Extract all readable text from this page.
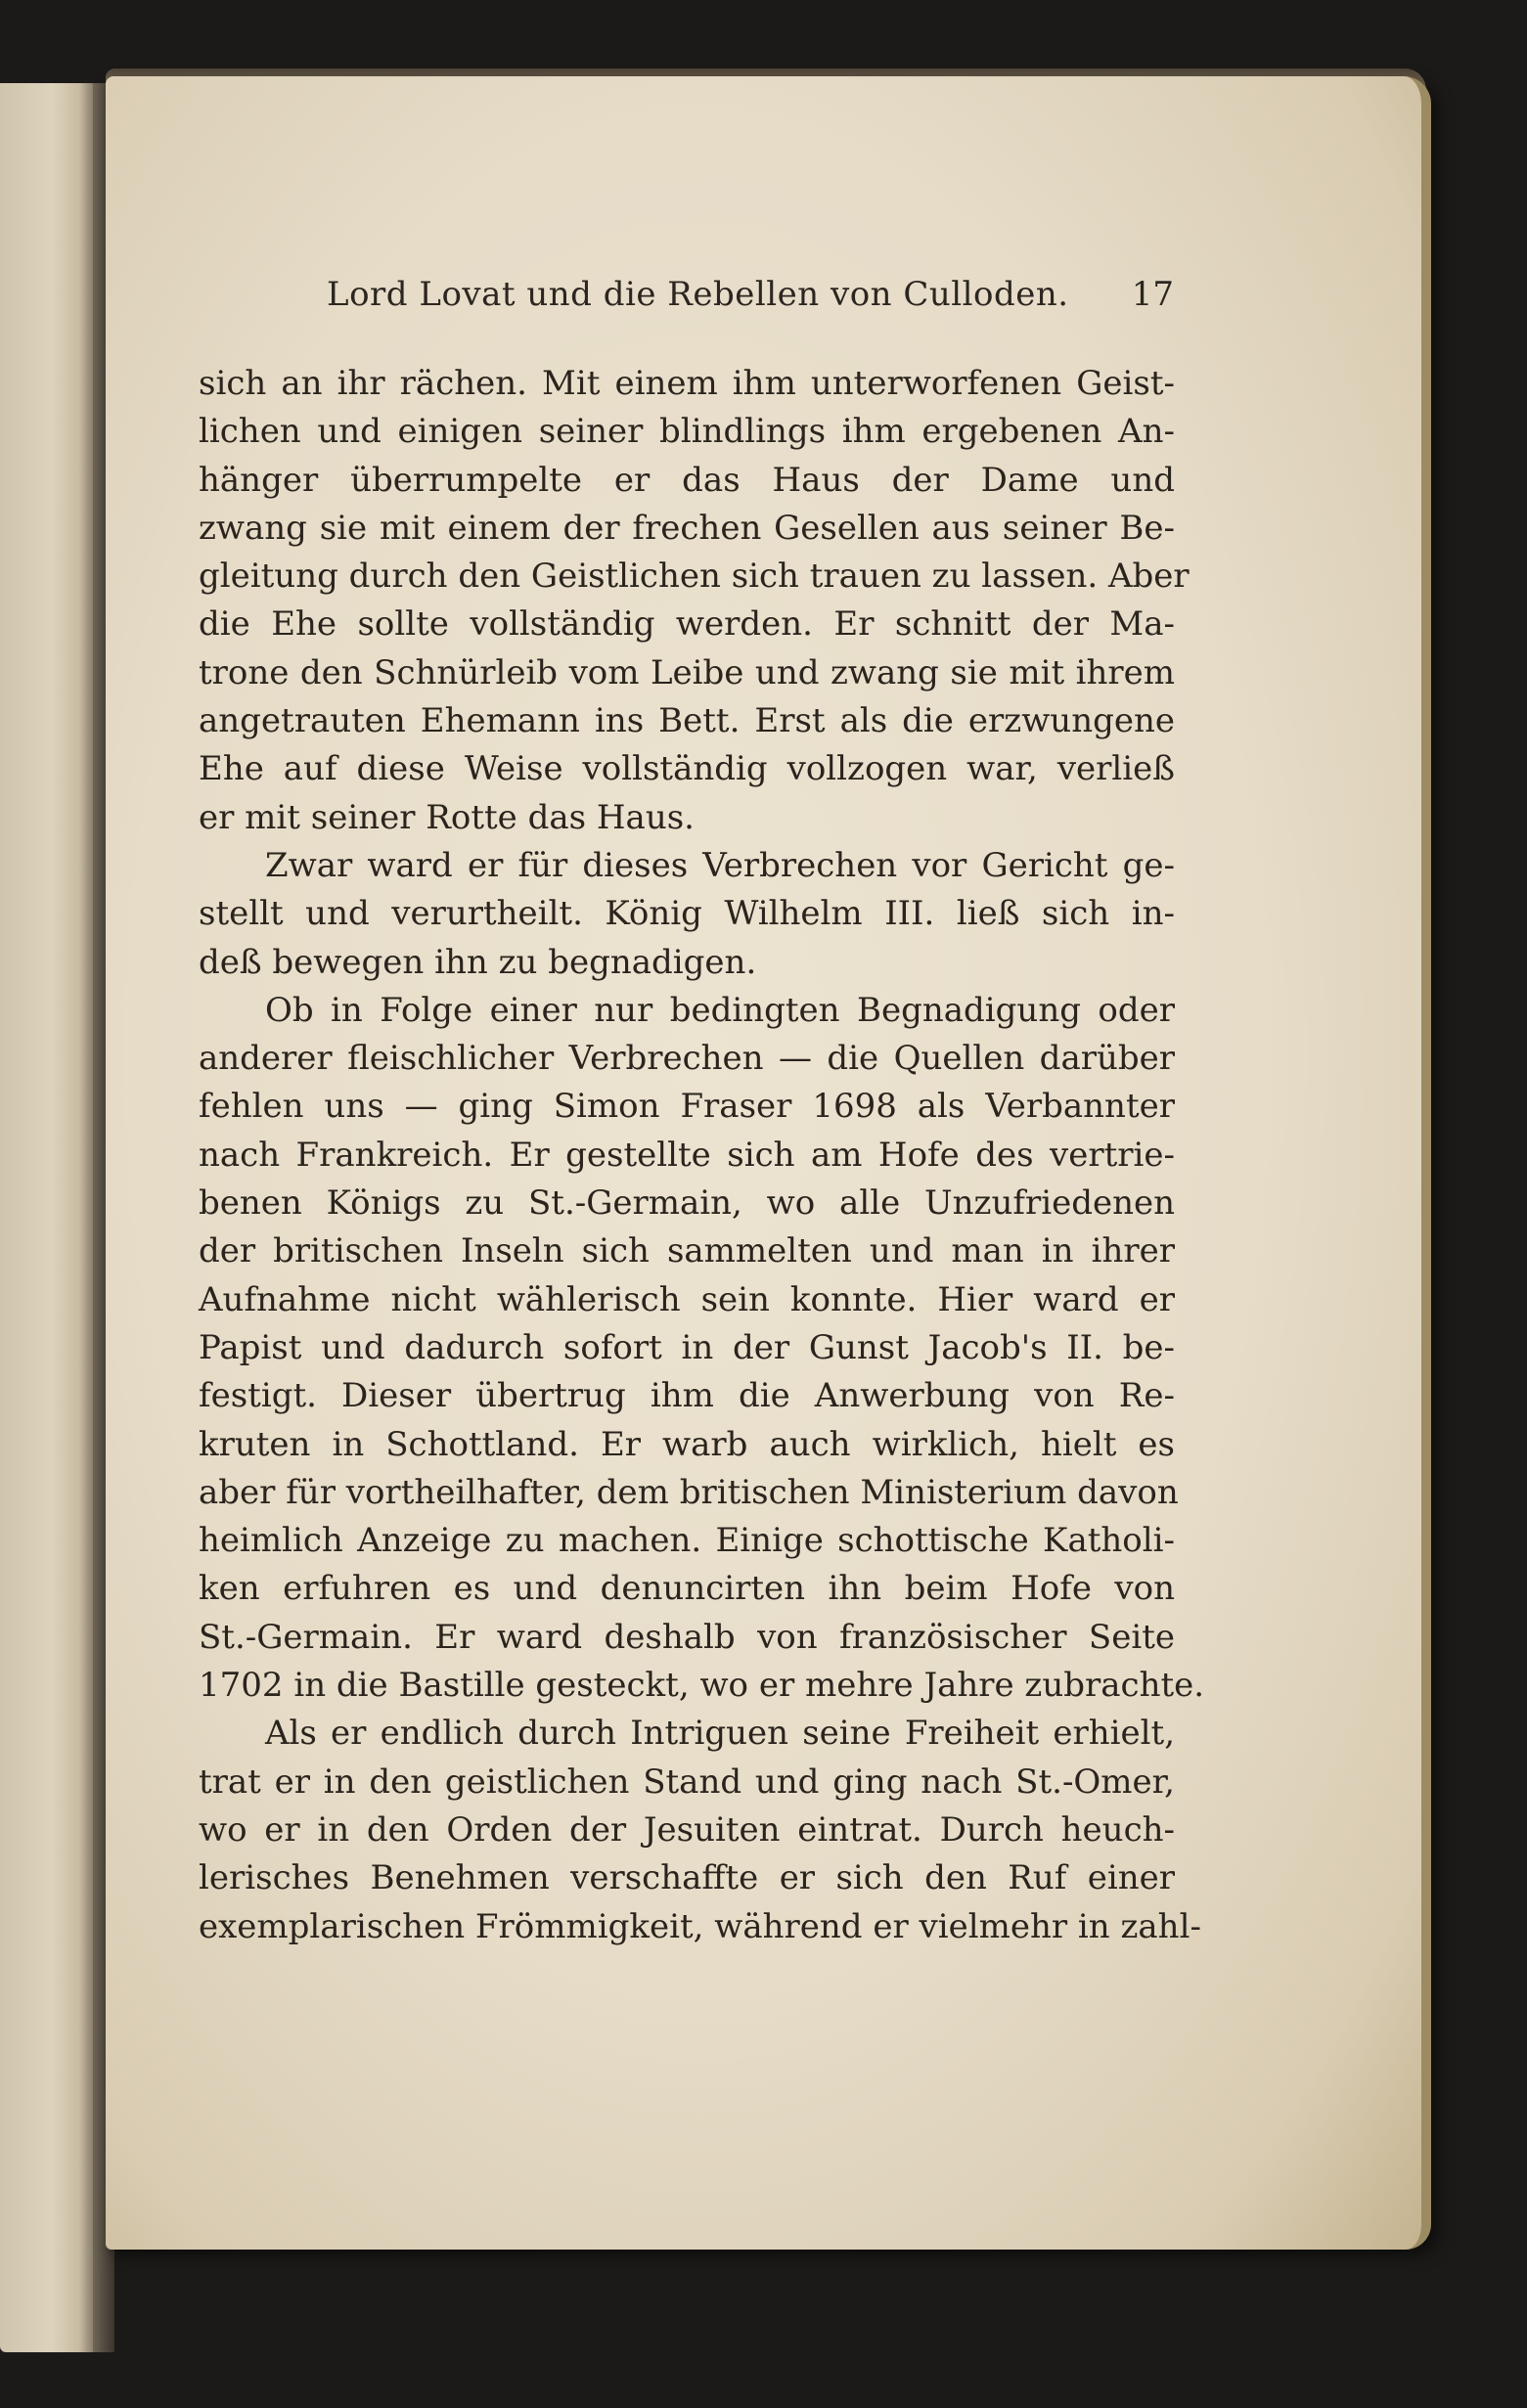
Lord Lovat und die Rebellen von Culloden. 17
sich an ihr rächen. Mit einem ihm unterworfenen Geist-
lichen und einigen seiner blindlings ihm ergebenen An-
hänger überrumpelte er das Haus der Dame und
zwang sie mit einem der frechen Gesellen aus seiner Be-
gleitung durch den Geistlichen sich trauen zu lassen. Aber
die Ehe sollte vollständig werden. Er schnitt der Ma-
trone den Schnürleib vom Leibe und zwang sie mit ihrem
angetrauten Ehemann ins Bett. Erst als die erzwungene
Ehe auf diese Weise vollständig vollzogen war, verließ
er mit seiner Rotte das Haus.
Zwar ward er für dieses Verbrechen vor Gericht ge-
stellt und verurtheilt. König Wilhelm III. ließ sich in-
deß bewegen ihn zu begnadigen.
Ob in Folge einer nur bedingten Begnadigung oder
anderer fleischlicher Verbrechen — die Quellen darüber
fehlen uns — ging Simon Fraser 1698 als Verbannter
nach Frankreich. Er gestellte sich am Hofe des vertrie-
benen Königs zu St.-Germain, wo alle Unzufriedenen
der britischen Inseln sich sammelten und man in ihrer
Aufnahme nicht wählerisch sein konnte. Hier ward er
Papist und dadurch sofort in der Gunst Jacob's II. be-
festigt. Dieser übertrug ihm die Anwerbung von Re-
kruten in Schottland. Er warb auch wirklich, hielt es
aber für vortheilhafter, dem britischen Ministerium davon
heimlich Anzeige zu machen. Einige schottische Katholi-
ken erfuhren es und denuncirten ihn beim Hofe von
St.-Germain. Er ward deshalb von französischer Seite
1702 in die Bastille gesteckt, wo er mehre Jahre zubrachte.
Als er endlich durch Intriguen seine Freiheit erhielt,
trat er in den geistlichen Stand und ging nach St.-Omer,
wo er in den Orden der Jesuiten eintrat. Durch heuch-
lerisches Benehmen verschaffte er sich den Ruf einer
exemplarischen Frömmigkeit, während er vielmehr in zahl-
